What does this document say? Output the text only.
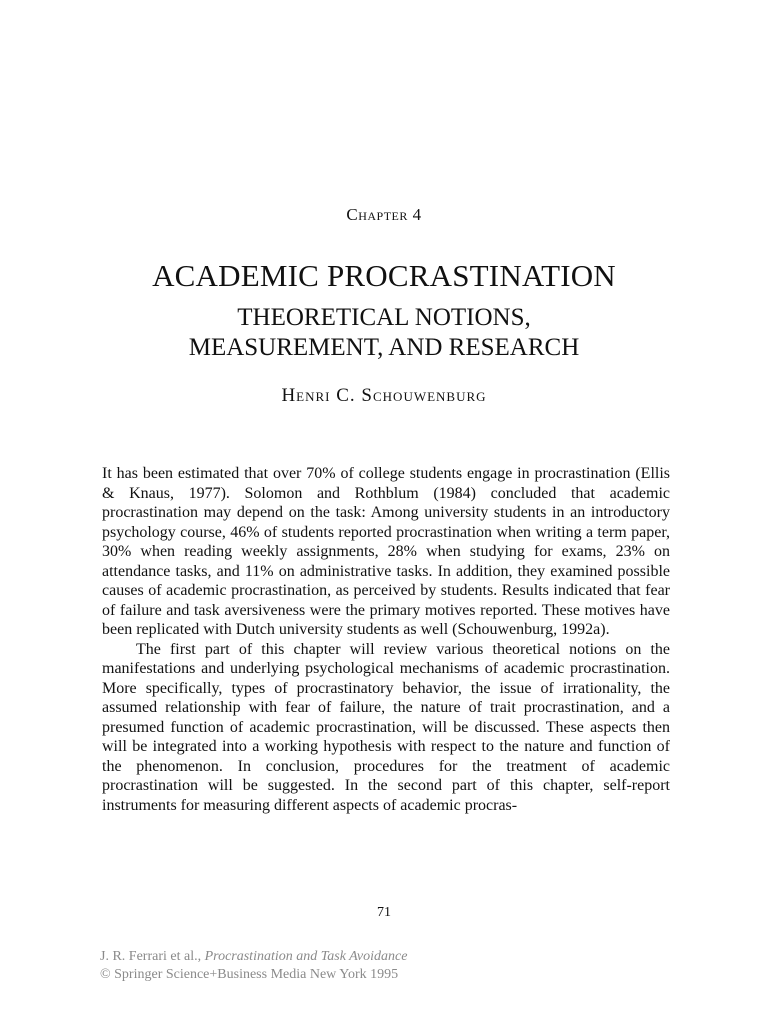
Chapter 4
ACADEMIC PROCRASTINATION
THEORETICAL NOTIONS,
MEASUREMENT, AND RESEARCH
Henri C. Schouwenburg

It has been estimated that over 70% of college students engage in procrastination (Ellis & Knaus, 1977). Solomon and Rothblum (1984) concluded that academic procrastination may depend on the task: Among university students in an introductory psychology course, 46% of students reported procrastination when writing a term paper, 30% when reading weekly assignments, 28% when studying for exams, 23% on attendance tasks, and 11% on administrative tasks. In addition, they examined possible causes of academic procrastination, as perceived by students. Results indicated that fear of failure and task aversiveness were the primary motives reported. These motives have been replicated with Dutch university students as well (Schouwenburg, 1992a).

The first part of this chapter will review various theoretical notions on the manifestations and underlying psychological mechanisms of academic procrastination. More specifically, types of procrastinatory behavior, the issue of irrationality, the assumed relationship with fear of failure, the nature of trait procrastination, and a presumed function of academic procrastination, will be discussed. These aspects then will be integrated into a working hypothesis with respect to the nature and function of the phenomenon. In conclusion, procedures for the treatment of academic procrastination will be suggested. In the second part of this chapter, self-report instruments for measuring different aspects of academic procras-

71
J. R. Ferrari et al., Procrastination and Task Avoidance
© Springer Science+Business Media New York 1995
